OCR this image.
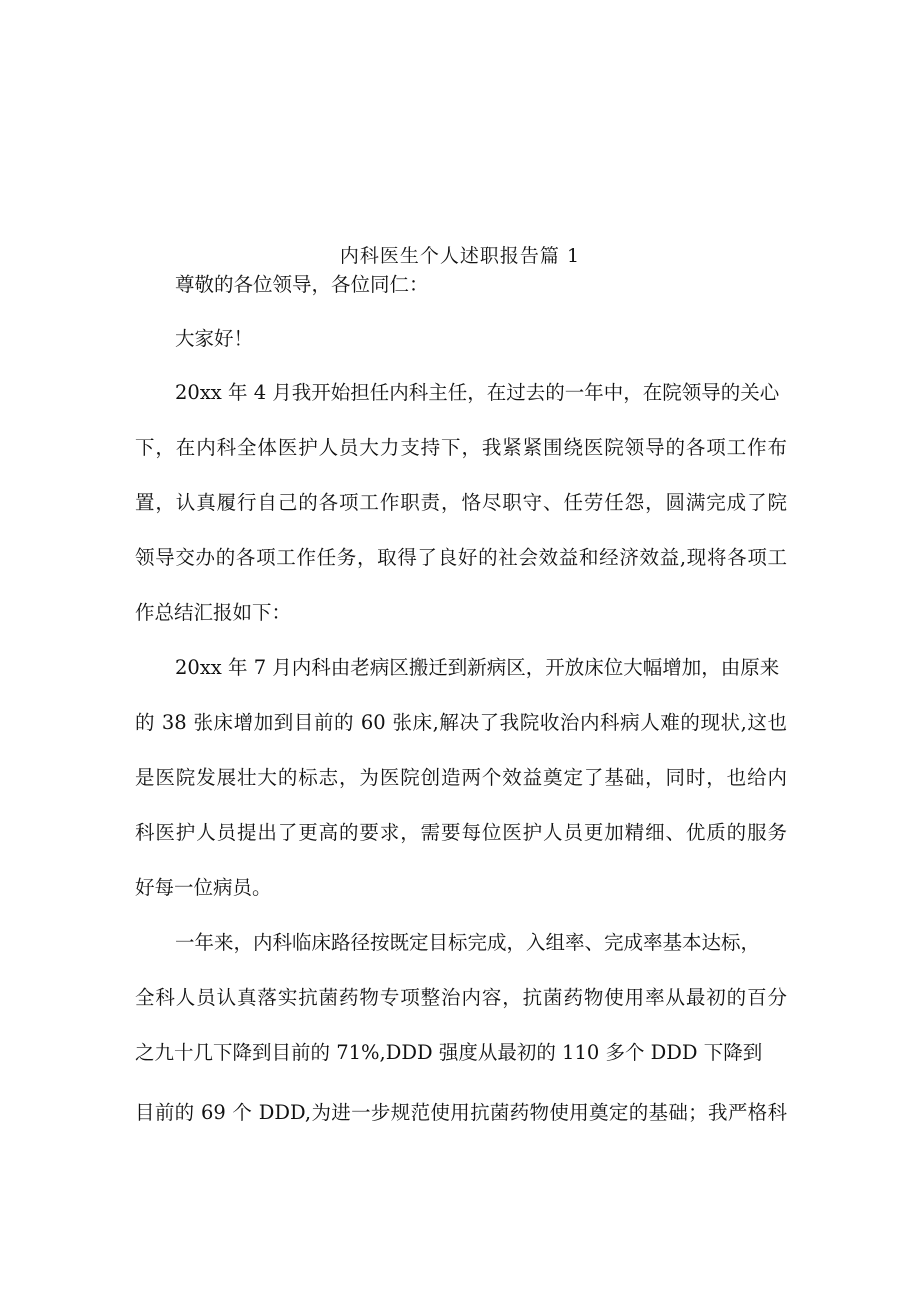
内科医生个人述职报告篇 1

尊敬的各位领导，各位同仁：

大家好！

20xx 年 4 月我开始担任内科主任，在过去的一年中，在院领导的关心

下，在内科全体医护人员大力支持下，我紧紧围绕医院领导的各项工作布

置，认真履行自己的各项工作职责，恪尽职守、任劳任怨，圆满完成了院

领导交办的各项工作任务，取得了良好的社会效益和经济效益,现将各项工

作总结汇报如下：

20xx 年 7 月内科由老病区搬迁到新病区，开放床位大幅增加，由原来

的 38 张床增加到目前的 60 张床,解决了我院收治内科病人难的现状,这也

是医院发展壮大的标志，为医院创造两个效益奠定了基础，同时，也给内

科医护人员提出了更高的要求，需要每位医护人员更加精细、优质的服务

好每一位病员。

一年来，内科临床路径按既定目标完成，入组率、完成率基本达标，

全科人员认真落实抗菌药物专项整治内容，抗菌药物使用率从最初的百分

之九十几下降到目前的 71%,DDD 强度从最初的 110 多个 DDD 下降到

目前的 69 个 DDD,为进一步规范使用抗菌药物使用奠定的基础；我严格科
